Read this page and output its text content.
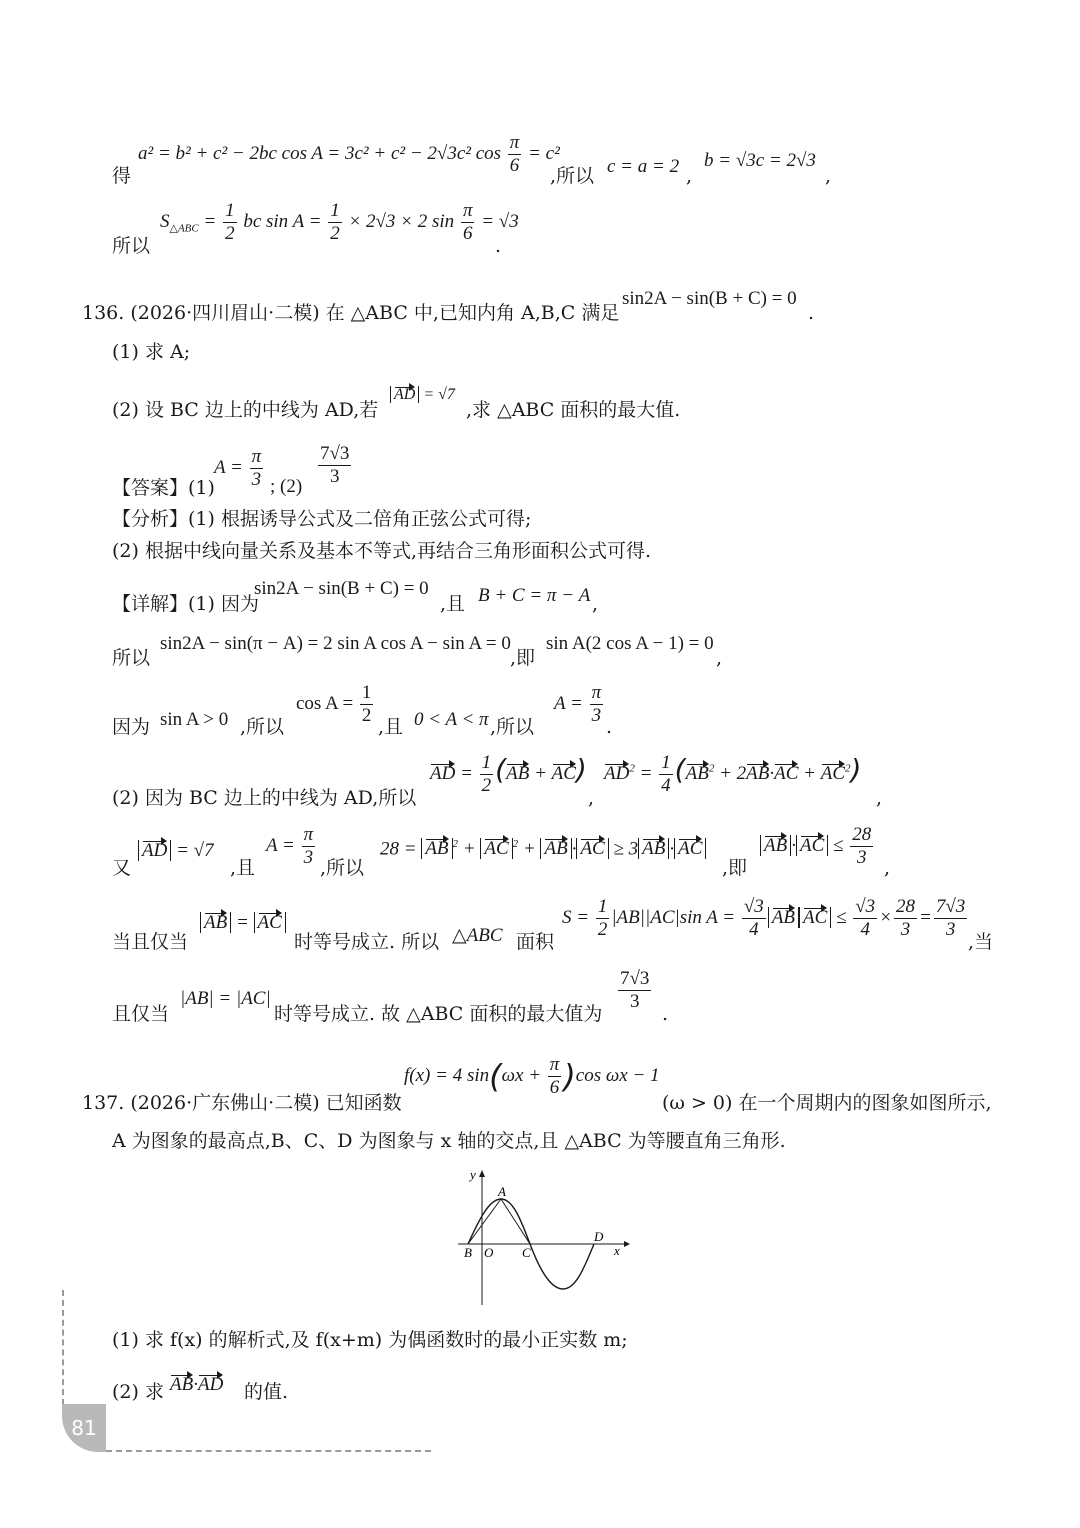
得
a² = b² + c² − 2bc cos A = 3c² + c² − 2√3c² $\cos \frac{\pi}{6} = c^2$
,所以 c = a = 2 ,
b = √3c = 2√3
,
所以
$S_{\triangle ABC} = \frac{1}{2}$ bc $\sin A = \frac{1}{2} \times 2√3 \times 2$ $\sin \frac{\pi}{6} = √3$
.
136. (2026·四川眉山·二模) 在 △ABC 中,已知内角 A,B,C 满足
sin2A − sin(B + C) = 0
.
(1) 求 A;
(2) 设 BC 边上的中线为 AD,若
AD = √7
,求 △ABC 面积的最大值.
【答案】(1)
$A = \frac{\pi}{3}$ ; $(2) \frac{7√3}{3}$
【分析】(1) 根据诱导公式及二倍角正弦公式可得;
(2) 根据中线向量关系及基本不等式,再结合三角形面积公式可得.
【详解】(1) 因为
sin2A − sin(B + C) = 0
,且 B + C = π − A ,
所以
sin2A − sin(π − A) = 2 sin A cos A − sin A = 0
,即
sin A(2 cos A − 1) = 0
,
因为 sin A > 0 ,所以
$\cos A = \frac{1}{2}$ ,且 0 < A < π ,所以
$A = \frac{\pi}{3}$ .
(2) 因为 BC 边上的中线为 AD,所以
AD = $\frac{1}{2} (AB + AC)$
,
$AD^2 = \frac{1}{4} (AB^2 + 2AB\cdot AC + AC^2)$
,
又
AD = √7
,且
$A = \frac{\pi}{3}$ ,所以
28 = AB $^2$ + AC $^2$ + AB · AC ≥ 3 AB · AC
,即
AB · AC ≤ $\frac{28}{3}$ ,
当且仅当
AB = AC
时等号成立. 所以 △ABC 面积
$S = \frac{1}{2} |AB||AC|\sin$ $A = \frac{√3}{4}$ AB AC ≤ $\frac{√3}{4} \times \frac{28}{3} = \frac{7√3}{3}$
,当
且仅当
|AB| = |AC|
时等号成立. 故 △ABC 面积的最大值为
$\frac{7√3}{3}$
.
f(x) = 4 $\sin(\omega x + \frac{\pi}{6} )\cos$ ωx − 1
137. (2026·广东佛山·二模) 已知函数	(ω > 0) 在一个周期内的图象如图所示,
A 为图象的最高点,B、C、D 为图象与 x 轴的交点,且 △ABC 为等腰直角三角形.
y
x
A
B O C
D
(1) 求 f(x) 的解析式,及 f(x+m) 为偶函数时的最小正实数 m;
(2) 求 AB·AD 的值.
81
